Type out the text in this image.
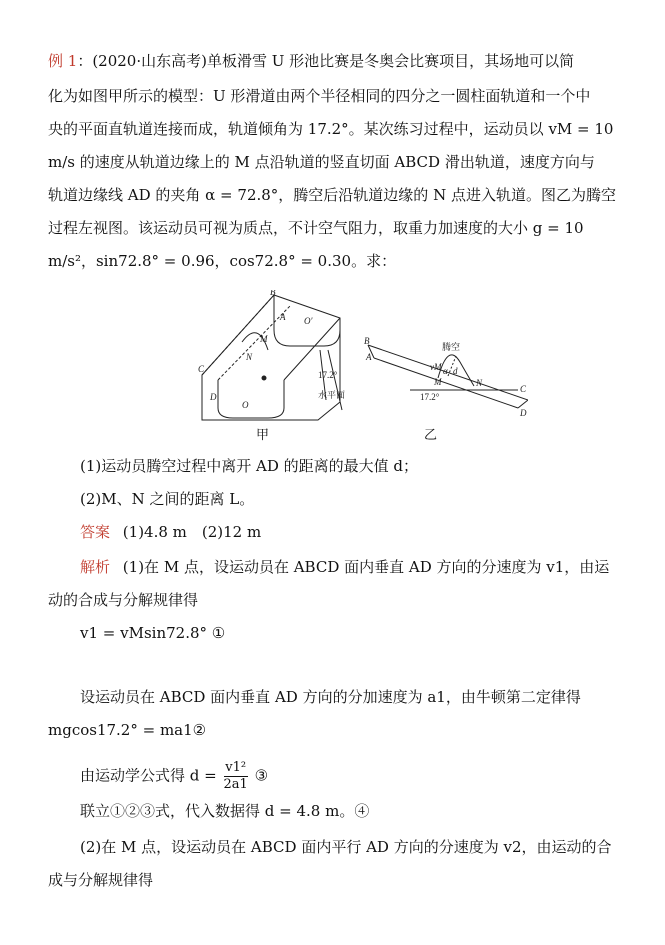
例 1：(2020·山东高考)单板滑雪 U 形池比赛是冬奥会比赛项目，其场地可以简
化为如图甲所示的模型：U 形滑道由两个半径相同的四分之一圆柱面轨道和一个中
央的平面直轨道连接而成，轨道倾角为 17.2°。某次练习过程中，运动员以 vM = 10
m/s 的速度从轨道边缘上的 M 点沿轨道的竖直切面 ABCD 滑出轨道，速度方向与
轨道边缘线 AD 的夹角 α = 72.8°，腾空后沿轨道边缘的 N 点进入轨道。图乙为腾空
过程左视图。该运动员可视为质点，不计空气阻力，取重力加速度的大小 g = 10
m/s²，sin72.8° = 0.96，cos72.8° = 0.30。求：
B
A
C
D
M
N
O
O′
17.2°
水平面
B
A
C
D
M	N
腾空
vM α d
17.2°
甲	乙
(1)运动员腾空过程中离开 AD 的距离的最大值 d；
(2)M、N 之间的距离 L。
答案 (1)4.8 m　(2)12 m
解析 (1)在 M 点，设运动员在 ABCD 面内垂直 AD 方向的分速度为 v1，由运
动的合成与分解规律得
v1 = vMsin72.8° ①
设运动员在 ABCD 面内垂直 AD 方向的分加速度为 a1，由牛顿第二定律得
mgcos17.2° = ma1②
由运动学公式得 $d = \frac{\text{v1²}}{2a1}$ ③
联立①②③式，代入数据得 d = 4.8 m。④
(2)在 M 点，设运动员在 ABCD 面内平行 AD 方向的分速度为 v2，由运动的合
成与分解规律得
